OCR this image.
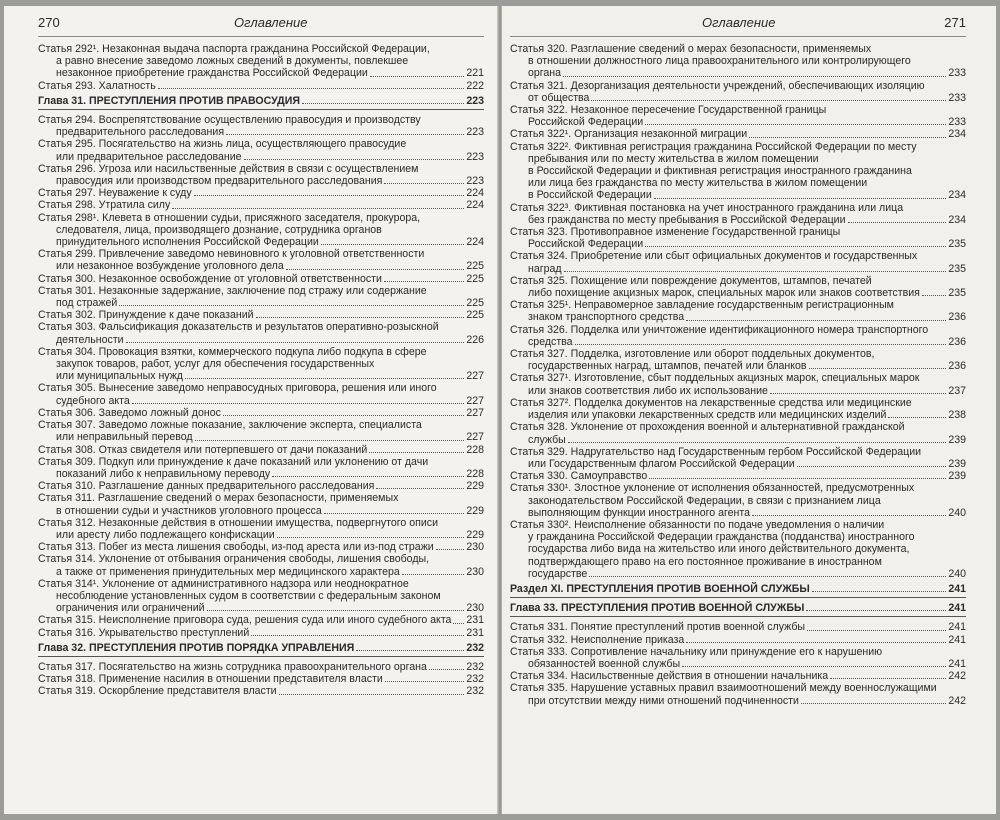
270	Оглавление
Статья 292¹. Незаконная выдача паспорта гражданина Российской Федерации,
а равно внесение заведомо ложных сведений в документы, повлекшее
незаконное приобретение гражданства Российской Федерации	221
Статья 293. Халатность	222
Глава 31. ПРЕСТУПЛЕНИЯ ПРОТИВ ПРАВОСУДИЯ	223
Статья 294. Воспрепятствование осуществлению правосудия и производству
предварительного расследования	223
Статья 295. Посягательство на жизнь лица, осуществляющего правосудие
или предварительное расследование	223
Статья 296. Угроза или насильственные действия в связи с осуществлением
правосудия или производством предварительного расследования	223
Статья 297. Неуважение к суду	224
Статья 298. Утратила силу	224
Статья 298¹. Клевета в отношении судьи, присяжного заседателя, прокурора,
следователя, лица, производящего дознание, сотрудника органов
принудительного исполнения Российской Федерации	224
Статья 299. Привлечение заведомо невиновного к уголовной ответственности
или незаконное возбуждение уголовного дела	225
Статья 300. Незаконное освобождение от уголовной ответственности	225
Статья 301. Незаконные задержание, заключение под стражу или содержание
под стражей	225
Статья 302. Принуждение к даче показаний	225
Статья 303. Фальсификация доказательств и результатов оперативно-розыскной
деятельности	226
Статья 304. Провокация взятки, коммерческого подкупа либо подкупа в сфере
закупок товаров, работ, услуг для обеспечения государственных
или муниципальных нужд	227
Статья 305. Вынесение заведомо неправосудных приговора, решения или иного
судебного акта	227
Статья 306. Заведомо ложный донос	227
Статья 307. Заведомо ложные показание, заключение эксперта, специалиста
или неправильный перевод	227
Статья 308. Отказ свидетеля или потерпевшего от дачи показаний	228
Статья 309. Подкуп или принуждение к даче показаний или уклонению от дачи
показаний либо к неправильному переводу	228
Статья 310. Разглашение данных предварительного расследования	229
Статья 311. Разглашение сведений о мерах безопасности, применяемых
в отношении судьи и участников уголовного процесса	229
Статья 312. Незаконные действия в отношении имущества, подвергнутого описи
или аресту либо подлежащего конфискации	229
Статья 313. Побег из места лишения свободы, из-под ареста или из-под стражи	230
Статья 314. Уклонение от отбывания ограничения свободы, лишения свободы,
а также от применения принудительных мер медицинского характера	230
Статья 314¹. Уклонение от административного надзора или неоднократное
несоблюдение установленных судом в соответствии с федеральным законом
ограничения или ограничений	230
Статья 315. Неисполнение приговора суда, решения суда или иного судебного акта 231
Статья 316. Укрывательство преступлений	231
Глава 32. ПРЕСТУПЛЕНИЯ ПРОТИВ ПОРЯДКА УПРАВЛЕНИЯ	232
Статья 317. Посягательство на жизнь сотрудника правоохранительного органа	232
Статья 318. Применение насилия в отношении представителя власти	232
Статья 319. Оскорбление представителя власти	232
Оглавление	271
Статья 320. Разглашение сведений о мерах безопасности, применяемых
в отношении должностного лица правоохранительного или контролирующего
органа	233
Статья 321. Дезорганизация деятельности учреждений, обеспечивающих изоляцию
от общества	233
Статья 322. Незаконное пересечение Государственной границы
Российской Федерации	233
Статья 322¹. Организация незаконной миграции	234
Статья 322². Фиктивная регистрация гражданина Российской Федерации по месту
пребывания или по месту жительства в жилом помещении
в Российской Федерации и фиктивная регистрация иностранного гражданина
или лица без гражданства по месту жительства в жилом помещении
в Российской Федерации	234
Статья 322³. Фиктивная постановка на учет иностранного гражданина или лица
без гражданства по месту пребывания в Российской Федерации	234
Статья 323. Противоправное изменение Государственной границы
Российской Федерации	235
Статья 324. Приобретение или сбыт официальных документов и государственных
наград	235
Статья 325. Похищение или повреждение документов, штампов, печатей
либо похищение акцизных марок, специальных марок или знаков соответствия	235
Статья 325¹. Неправомерное завладение государственным регистрационным
знаком транспортного средства	236
Статья 326. Подделка или уничтожение идентификационного номера транспортного
средства	236
Статья 327. Подделка, изготовление или оборот поддельных документов,
государственных наград, штампов, печатей или бланков	236
Статья 327¹. Изготовление, сбыт поддельных акцизных марок, специальных марок
или знаков соответствия либо их использование	237
Статья 327². Подделка документов на лекарственные средства или медицинские
изделия или упаковки лекарственных средств или медицинских изделий	238
Статья 328. Уклонение от прохождения военной и альтернативной гражданской
службы	239
Статья 329. Надругательство над Государственным гербом Российской Федерации
или Государственным флагом Российской Федерации	239
Статья 330. Самоуправство	239
Статья 330¹. Злостное уклонение от исполнения обязанностей, предусмотренных
законодательством Российской Федерации, в связи с признанием лица
выполняющим функции иностранного агента	240
Статья 330². Неисполнение обязанности по подаче уведомления о наличии
у гражданина Российской Федерации гражданства (подданства) иностранного
государства либо вида на жительство или иного действительного документа,
подтверждающего право на его постоянное проживание в иностранном
государстве	240
Раздел XI. ПРЕСТУПЛЕНИЯ ПРОТИВ ВОЕННОЙ СЛУЖБЫ	241
Глава 33. ПРЕСТУПЛЕНИЯ ПРОТИВ ВОЕННОЙ СЛУЖБЫ	241
Статья 331. Понятие преступлений против военной службы	241
Статья 332. Неисполнение приказа	241
Статья 333. Сопротивление начальнику или принуждение его к нарушению
обязанностей военной службы	241
Статья 334. Насильственные действия в отношении начальника	242
Статья 335. Нарушение уставных правил взаимоотношений между военнослужащими
при отсутствии между ними отношений подчиненности	242
